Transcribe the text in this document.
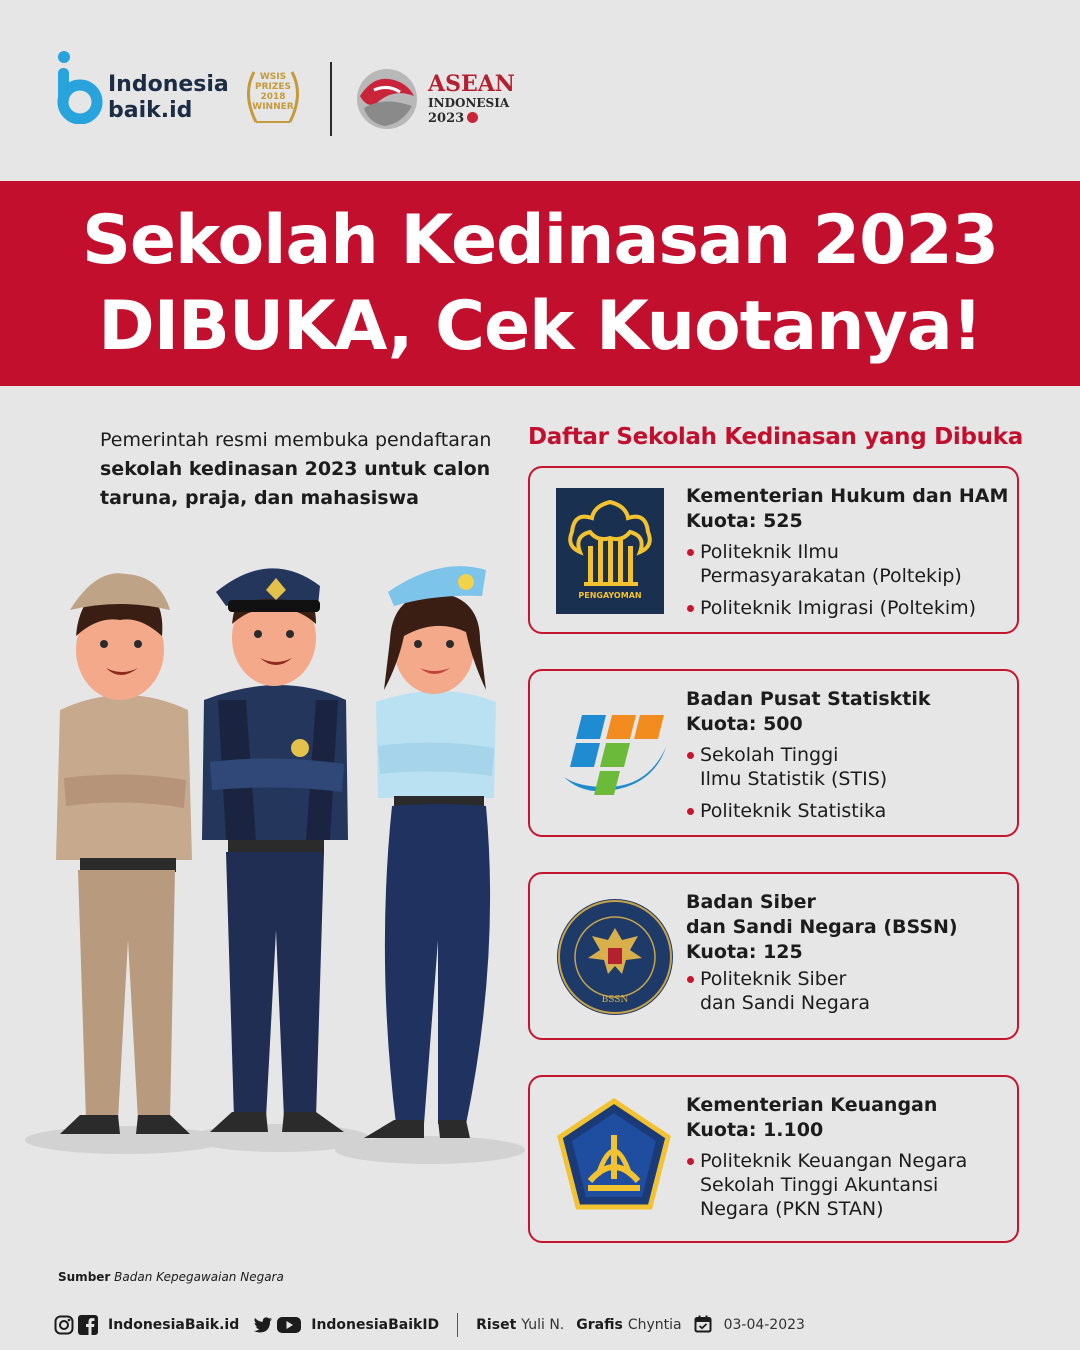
Indonesia
baik.id
WSIS
PRIZES
2018
WINNER
ASEAN
INDONESIA
2023
Sekolah Kedinasan 2023
DIBUKA, Cek Kuotanya!
Pemerintah resmi membuka pendaftaran
sekolah kedinasan 2023 untuk calon
taruna, praja, dan mahasiswa
Daftar Sekolah Kedinasan yang Dibuka
PENGAYOMAN
Kementerian Hukum dan HAM
Kuota: 525
Politeknik Ilmu
Permasyarakatan (Poltekip)
Politeknik Imigrasi (Poltekim)
Badan Pusat Statisktik
Kuota: 500
Sekolah Tinggi
Ilmu Statistik (STIS)
Politeknik Statistika
BSSN
Badan Siber
dan Sandi Negara (BSSN)
Kuota: 125
Politeknik Siber
dan Sandi Negara
Kementerian Keuangan
Kuota: 1.100
Politeknik Keuangan Negara
Sekolah Tinggi Akuntansi
Negara (PKN STAN)
Sumber Badan Kepegawaian Negara
IndonesiaBaik.id	IndonesiaBaikID	Riset Yuli N. Grafis Chyntia	03-04-2023
